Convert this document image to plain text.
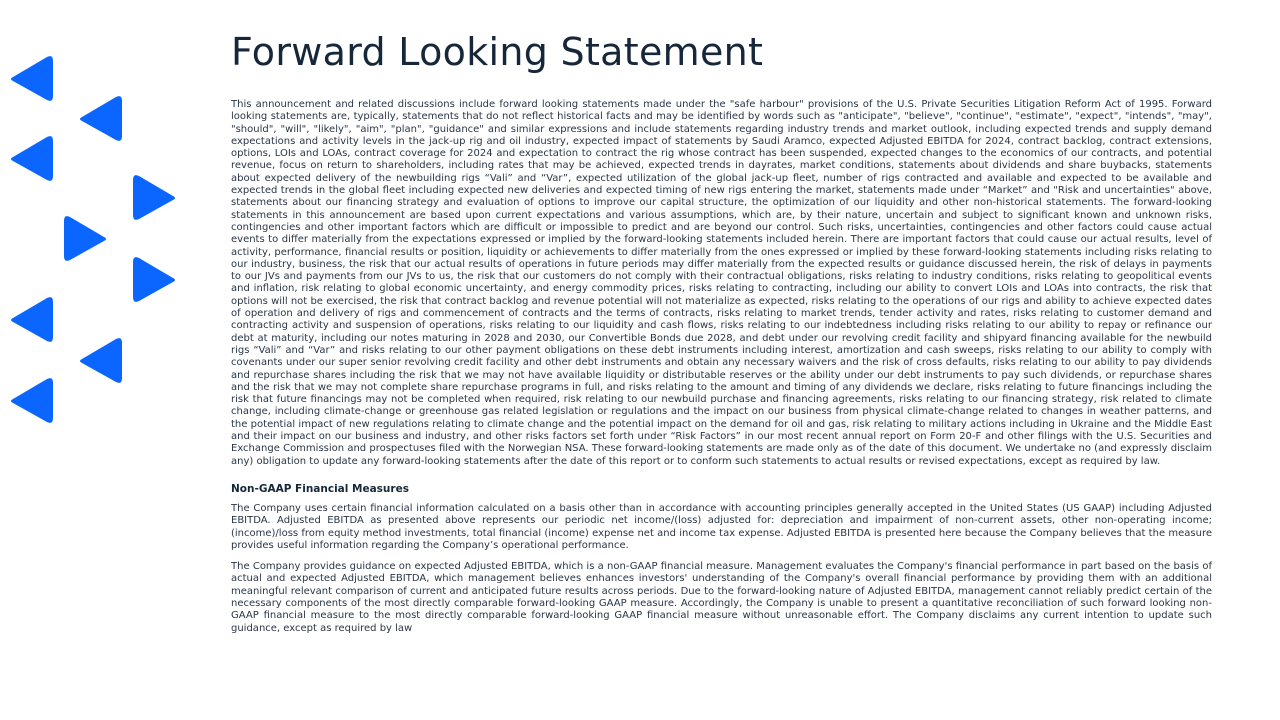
Forward Looking Statement

This announcement and related discussions include forward looking statements made under the "safe harbour" provisions of the U.S. Private Securities Litigation Reform Act of 1995. Forward looking statements are, typically, statements that do not reflect historical facts and may be identified by words such as "anticipate", "believe", "continue", "estimate", "expect", "intends", "may", "should", "will", "likely", "aim", "plan", "guidance" and similar expressions and include statements regarding industry trends and market outlook, including expected trends and supply demand expectations and activity levels in the jack-up rig and oil industry, expected impact of statements by Saudi Aramco, expected Adjusted EBITDA for 2024, contract backlog, contract extensions, options, LOIs and LOAs, contract coverage for 2024 and expectation to contract the rig whose contract has been suspended, expected changes to the economics of our contracts, and potential revenue, focus on return to shareholders, including rates that may be achieved, expected trends in dayrates, market conditions, statements about dividends and share buybacks, statements about expected delivery of the newbuilding rigs “Vali” and “Var”, expected utilization of the global jack-up fleet, number of rigs contracted and available and expected to be available and expected trends in the global fleet including expected new deliveries and expected timing of new rigs entering the market, statements made under “Market” and "Risk and uncertainties" above, statements about our financing strategy and evaluation of options to improve our capital structure, the optimization of our liquidity and other non-historical statements. The forward-looking statements in this announcement are based upon current expectations and various assumptions, which are, by their nature, uncertain and subject to significant known and unknown risks, contingencies and other important factors which are difficult or impossible to predict and are beyond our control. Such risks, uncertainties, contingencies and other factors could cause actual events to differ materially from the expectations expressed or implied by the forward-looking statements included herein. There are important factors that could cause our actual results, level of activity, performance, financial results or position, liquidity or achievements to differ materially from the ones expressed or implied by these forward-looking statements including risks relating to our industry, business, the risk that our actual results of operations in future periods may differ materially from the expected results or guidance discussed herein, the risk of delays in payments to our JVs and payments from our JVs to us, the risk that our customers do not comply with their contractual obligations, risks relating to industry conditions, risks relating to geopolitical events and inflation, risk relating to global economic uncertainty, and energy commodity prices, risks relating to contracting, including our ability to convert LOIs and LOAs into contracts, the risk that options will not be exercised, the risk that contract backlog and revenue potential will not materialize as expected, risks relating to the operations of our rigs and ability to achieve expected dates of operation and delivery of rigs and commencement of contracts and the terms of contracts, risks relating to market trends, tender activity and rates, risks relating to customer demand and contracting activity and suspension of operations, risks relating to our liquidity and cash flows, risks relating to our indebtedness including risks relating to our ability to repay or refinance our debt at maturity, including our notes maturing in 2028 and 2030, our Convertible Bonds due 2028, and debt under our revolving credit facility and shipyard financing available for the newbuild rigs “Vali” and “Var” and risks relating to our other payment obligations on these debt instruments including interest, amortization and cash sweeps, risks relating to our ability to comply with covenants under our super senior revolving credit facility and other debt instruments and obtain any necessary waivers and the risk of cross defaults, risks relating to our ability to pay dividends and repurchase shares including the risk that we may not have available liquidity or distributable reserves or the ability under our debt instruments to pay such dividends, or repurchase shares and the risk that we may not complete share repurchase programs in full, and risks relating to the amount and timing of any dividends we declare, risks relating to future financings including the risk that future financings may not be completed when required, risk relating to our newbuild purchase and financing agreements, risks relating to our financing strategy, risk related to climate change, including climate-change or greenhouse gas related legislation or regulations and the impact on our business from physical climate-change related to changes in weather patterns, and the potential impact of new regulations relating to climate change and the potential impact on the demand for oil and gas, risk relating to military actions including in Ukraine and the Middle East and their impact on our business and industry, and other risks factors set forth under “Risk Factors” in our most recent annual report on Form 20-F and other filings with the U.S. Securities and Exchange Commission and prospectuses filed with the Norwegian NSA. These forward-looking statements are made only as of the date of this document. We undertake no (and expressly disclaim any) obligation to update any forward-looking statements after the date of this report or to conform such statements to actual results or revised expectations, except as required by law.

Non-GAAP Financial Measures

The Company uses certain financial information calculated on a basis other than in accordance with accounting principles generally accepted in the United States (US GAAP) including Adjusted EBITDA. Adjusted EBITDA as presented above represents our periodic net income/(loss) adjusted for: depreciation and impairment of non-current assets, other non-operating income; (income)/loss from equity method investments, total financial (income) expense net and income tax expense. Adjusted EBITDA is presented here because the Company believes that the measure provides useful information regarding the Company’s operational performance.

The Company provides guidance on expected Adjusted EBITDA, which is a non-GAAP financial measure. Management evaluates the Company's financial performance in part based on the basis of actual and expected Adjusted EBITDA, which management believes enhances investors' understanding of the Company's overall financial performance by providing them with an additional meaningful relevant comparison of current and anticipated future results across periods. Due to the forward-looking nature of Adjusted EBITDA, management cannot reliably predict certain of the necessary components of the most directly comparable forward-looking GAAP measure. Accordingly, the Company is unable to present a quantitative reconciliation of such forward looking non-GAAP financial measure to the most directly comparable forward-looking GAAP financial measure without unreasonable effort. The Company disclaims any current intention to update such guidance, except as required by law
